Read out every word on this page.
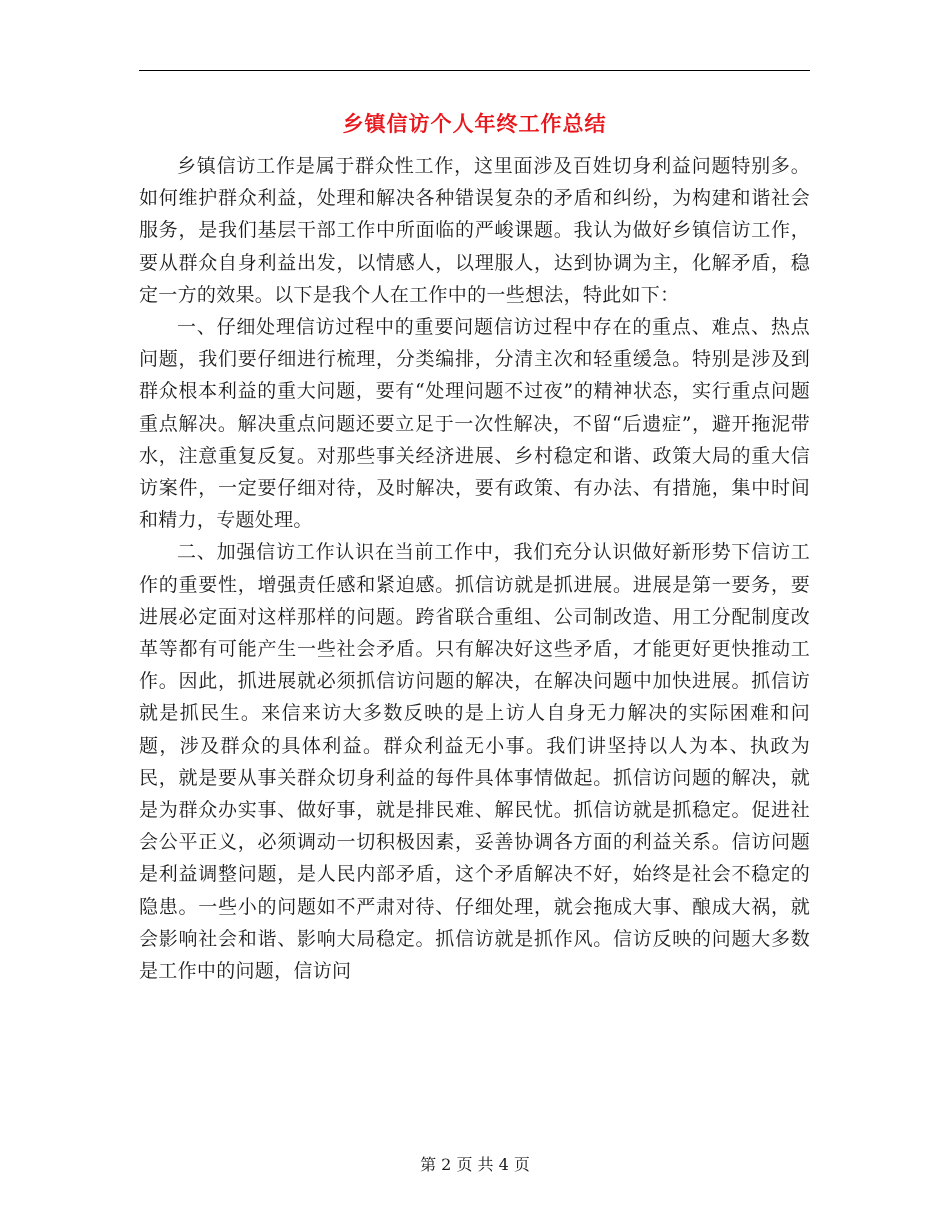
乡镇信访个人年终工作总结

乡镇信访工作是属于群众性工作，这里面涉及百姓切身利益问题特别多。如何维护群众利益，处理和解决各种错误复杂的矛盾和纠纷，为构建和谐社会服务，是我们基层干部工作中所面临的严峻课题。我认为做好乡镇信访工作，要从群众自身利益出发，以情感人，以理服人，达到协调为主，化解矛盾，稳定一方的效果。以下是我个人在工作中的一些想法，特此如下：

一、仔细处理信访过程中的重要问题信访过程中存在的重点、难点、热点问题，我们要仔细进行梳理，分类编排，分清主次和轻重缓急。特别是涉及到群众根本利益的重大问题，要有“处理问题不过夜”的精神状态，实行重点问题重点解决。解决重点问题还要立足于一次性解决，不留“后遗症”，避开拖泥带水，注意重复反复。对那些事关经济进展、乡村稳定和谐、政策大局的重大信访案件，一定要仔细对待，及时解决，要有政策、有办法、有措施，集中时间和精力，专题处理。

二、加强信访工作认识在当前工作中，我们充分认识做好新形势下信访工作的重要性，增强责任感和紧迫感。抓信访就是抓进展。进展是第一要务，要进展必定面对这样那样的问题。跨省联合重组、公司制改造、用工分配制度改革等都有可能产生一些社会矛盾。只有解决好这些矛盾，才能更好更快推动工作。因此，抓进展就必须抓信访问题的解决，在解决问题中加快进展。抓信访就是抓民生。来信来访大多数反映的是上访人自身无力解决的实际困难和问题，涉及群众的具体利益。群众利益无小事。我们讲坚持以人为本、执政为民，就是要从事关群众切身利益的每件具体事情做起。抓信访问题的解决，就是为群众办实事、做好事，就是排民难、解民忧。抓信访就是抓稳定。促进社会公平正义，必须调动一切积极因素，妥善协调各方面的利益关系。信访问题是利益调整问题，是人民内部矛盾，这个矛盾解决不好，始终是社会不稳定的隐患。一些小的问题如不严肃对待、仔细处理，就会拖成大事、酿成大祸，就会影响社会和谐、影响大局稳定。抓信访就是抓作风。信访反映的问题大多数是工作中的问题，信访问

第 2 页 共 4 页
